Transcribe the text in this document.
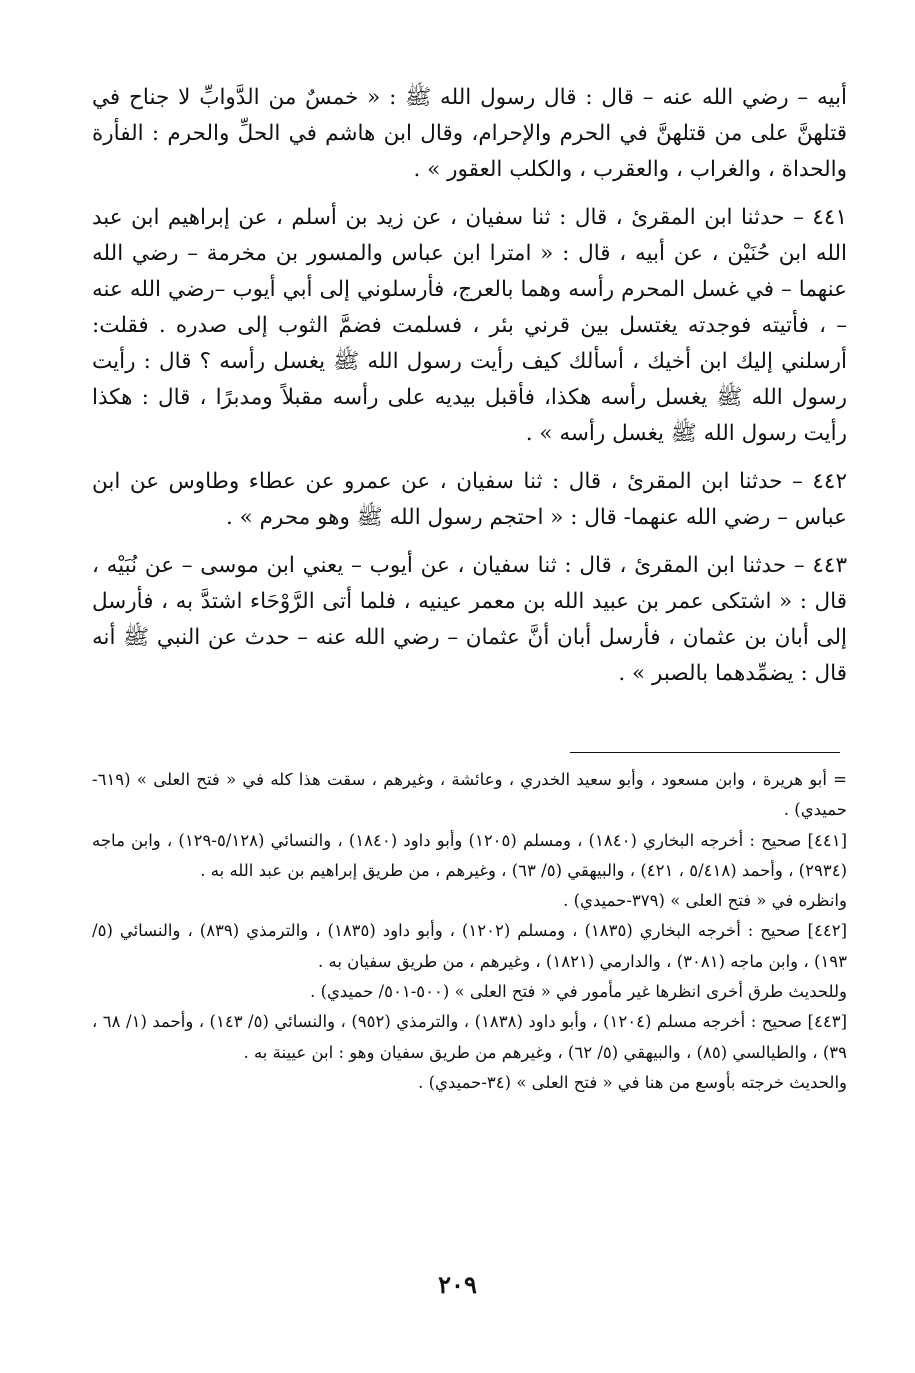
أبيه – رضي الله عنه – قال : قال رسول الله ﷺ : « خمسٌ من الدَّوابِّ لا جناح في قتلهنَّ على من قتلهنَّ في الحرم والإحرام، وقال ابن هاشم في الحلِّ والحرم : الفأرة والحداة ، والغراب ، والعقرب ، والكلب العقور » .

٤٤١ – حدثنا ابن المقرئ ، قال : ثنا سفيان ، عن زيد بن أسلم ، عن إبراهيم ابن عبد الله ابن حُنَيْن ، عن أبيه ، قال : « امترا ابن عباس والمسور بن مخرمة – رضي الله عنهما – في غسل المحرم رأسه وهما بالعرج، فأرسلوني إلى أبي أيوب –رضي الله عنه – ، فأتيته فوجدته يغتسل بين قرني بئر ، فسلمت فضمَّ الثوب إلى صدره . فقلت: أرسلني إليك ابن أخيك ، أسألك كيف رأيت رسول الله ﷺ يغسل رأسه ؟ قال : رأيت رسول الله ﷺ يغسل رأسه هكذا، فأقبل بيديه على رأسه مقبلاً ومدبرًا ، قال : هكذا رأيت رسول الله ﷺ يغسل رأسه » .

٤٤٢ – حدثنا ابن المقرئ ، قال : ثنا سفيان ، عن عمرو عن عطاء وطاوس عن ابن عباس – رضي الله عنهما- قال : « احتجم رسول الله ﷺ وهو محرم » .

٤٤٣ – حدثنا ابن المقرئ ، قال : ثنا سفيان ، عن أيوب – يعني ابن موسى – عن نُبَيْه ، قال : « اشتكى عمر بن عبيد الله بن معمر عينيه ، فلما أتى الرَّوْحَاء اشتدَّ به ، فأرسل إلى أبان بن عثمان ، فأرسل أبان أنَّ عثمان – رضي الله عنه – حدث عن النبي ﷺ أنه قال : يضمِّدهما بالصبر » .

= أبو هريرة ، وابن مسعود ، وأبو سعيد الخدري ، وعائشة ، وغيرهم ، سقت هذا كله في « فتح العلى » (٦١٩-حميدي) .

[٤٤١] صحيح : أخرجه البخاري (١٨٤٠) ، ومسلم (١٢٠٥) وأبو داود (١٨٤٠) ، والنسائي (٥/١٢٨-١٢٩) ، وابن ماجه (٢٩٣٤) ، وأحمد (٥/٤١٨ ، ٤٢١) ، والبيهقي (٥/ ٦٣) ، وغيرهم ، من طريق إبراهيم بن عبد الله به .

وانظره في « فتح العلى » (٣٧٩-حميدي) .

[٤٤٢] صحيح : أخرجه البخاري (١٨٣٥) ، ومسلم (١٢٠٢) ، وأبو داود (١٨٣٥) ، والترمذي (٨٣٩) ، والنسائي (٥/ ١٩٣) ، وابن ماجه (٣٠٨١) ، والدارمي (١٨٢١) ، وغيرهم ، من طريق سفيان به .

وللحديث طرق أخرى انظرها غير مأمور في « فتح العلى » (٥٠٠-٥٠١/ حميدي) .

[٤٤٣] صحيح : أخرجه مسلم (١٢٠٤) ، وأبو داود (١٨٣٨) ، والترمذي (٩٥٢) ، والنسائي (٥/ ١٤٣) ، وأحمد (١/ ٦٨ ، ٣٩) ، والطيالسي (٨٥) ، والبيهقي (٥/ ٦٢) ، وغيرهم من طريق سفيان وهو : ابن عيينة به .

والحديث خرجته بأوسع من هنا في « فتح العلى » (٣٤-حميدي) .

٢٠٩
